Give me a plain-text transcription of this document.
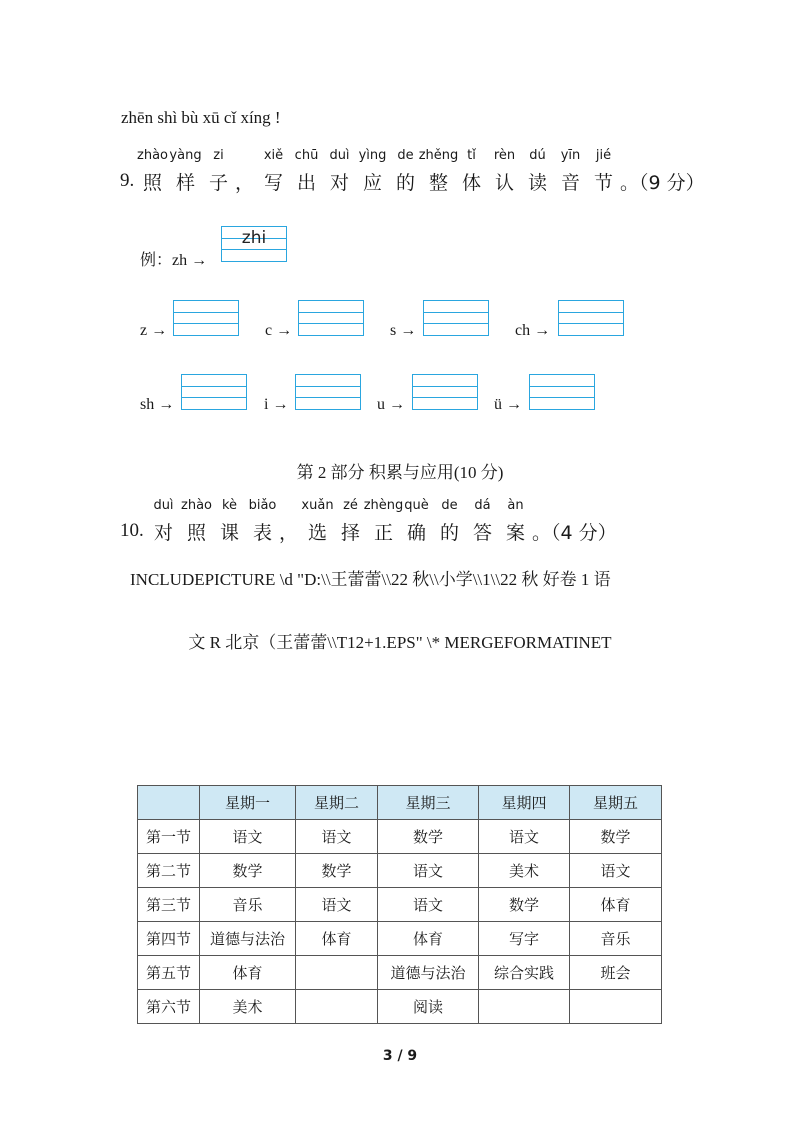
zhēn shì bù xū cǐ xíng !
9.
zhào
照
yàng
样
zi
子 ，
xiě
写
chū
出
duì
对
yìng
应
de
的
zhěng
整
tǐ
体
rèn
认
dú
读
yīn
音
jié
节 。（9 分）
例：zh →
zhi
z →	c →	s →	ch →
sh →	i →	u →	ü →
第 2 部分 积累与应用(10 分)
10.
duì
对
zhào
照
kè
课
biǎo
表 ，
xuǎn
选
zé
择
zhèng
正
què
确
de
的
dá
答
àn
案 。（4 分）
INCLUDEPICTURE \d "D:\\王蕾蕾\\22 秋\\小学\\1\\22 秋 好卷 1 语
文 R 北京（王蕾蕾\\T12+1.EPS" \* MERGEFORMATINET
	星期一	星期二	星期三	星期四	星期五
第一节	语文	语文	数学	语文	数学
第二节	数学	数学	语文	美术	语文
第三节	音乐	语文	语文	数学	体育
第四节	道德与法治	体育	体育	写字	音乐
第五节	体育		道德与法治	综合实践	班会
第六节	美术		阅读		
3 / 9
